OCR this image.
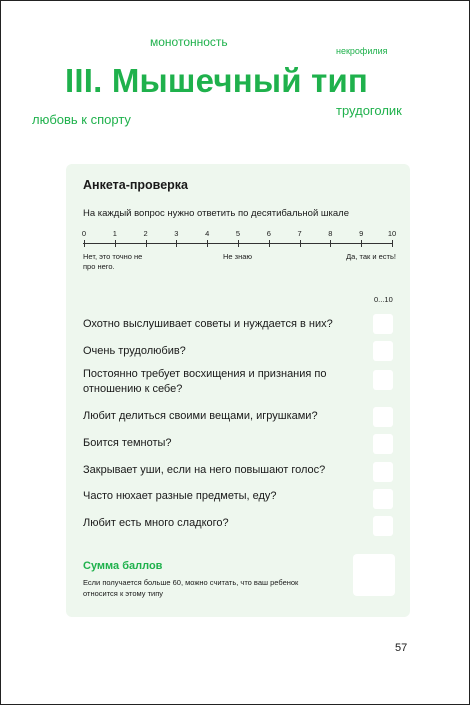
монотонность
некрофилия
III. Мышечный тип
любовь к спорту
трудоголик
Анкета-проверка
На каждый вопрос нужно ответить по десятибальной шкале
0	1	2	3	4	5	6	7	8	9	10
Нет, это точно не про него.
Не знаю	Да, так и есть!
0...10
Охотно выслушивает советы и нуждается в них?
Очень трудолюбив?
Постоянно требует восхищения и признания по отношению к себе?
Любит делиться своими вещами, игрушками?
Боится темноты?
Закрывает уши, если на него повышают голос?
Часто нюхает разные предметы, еду?
Любит есть много сладкого?
Сумма баллов
Если получается больше 60, можно считать, что ваш ребенок относится к этому типу
57
